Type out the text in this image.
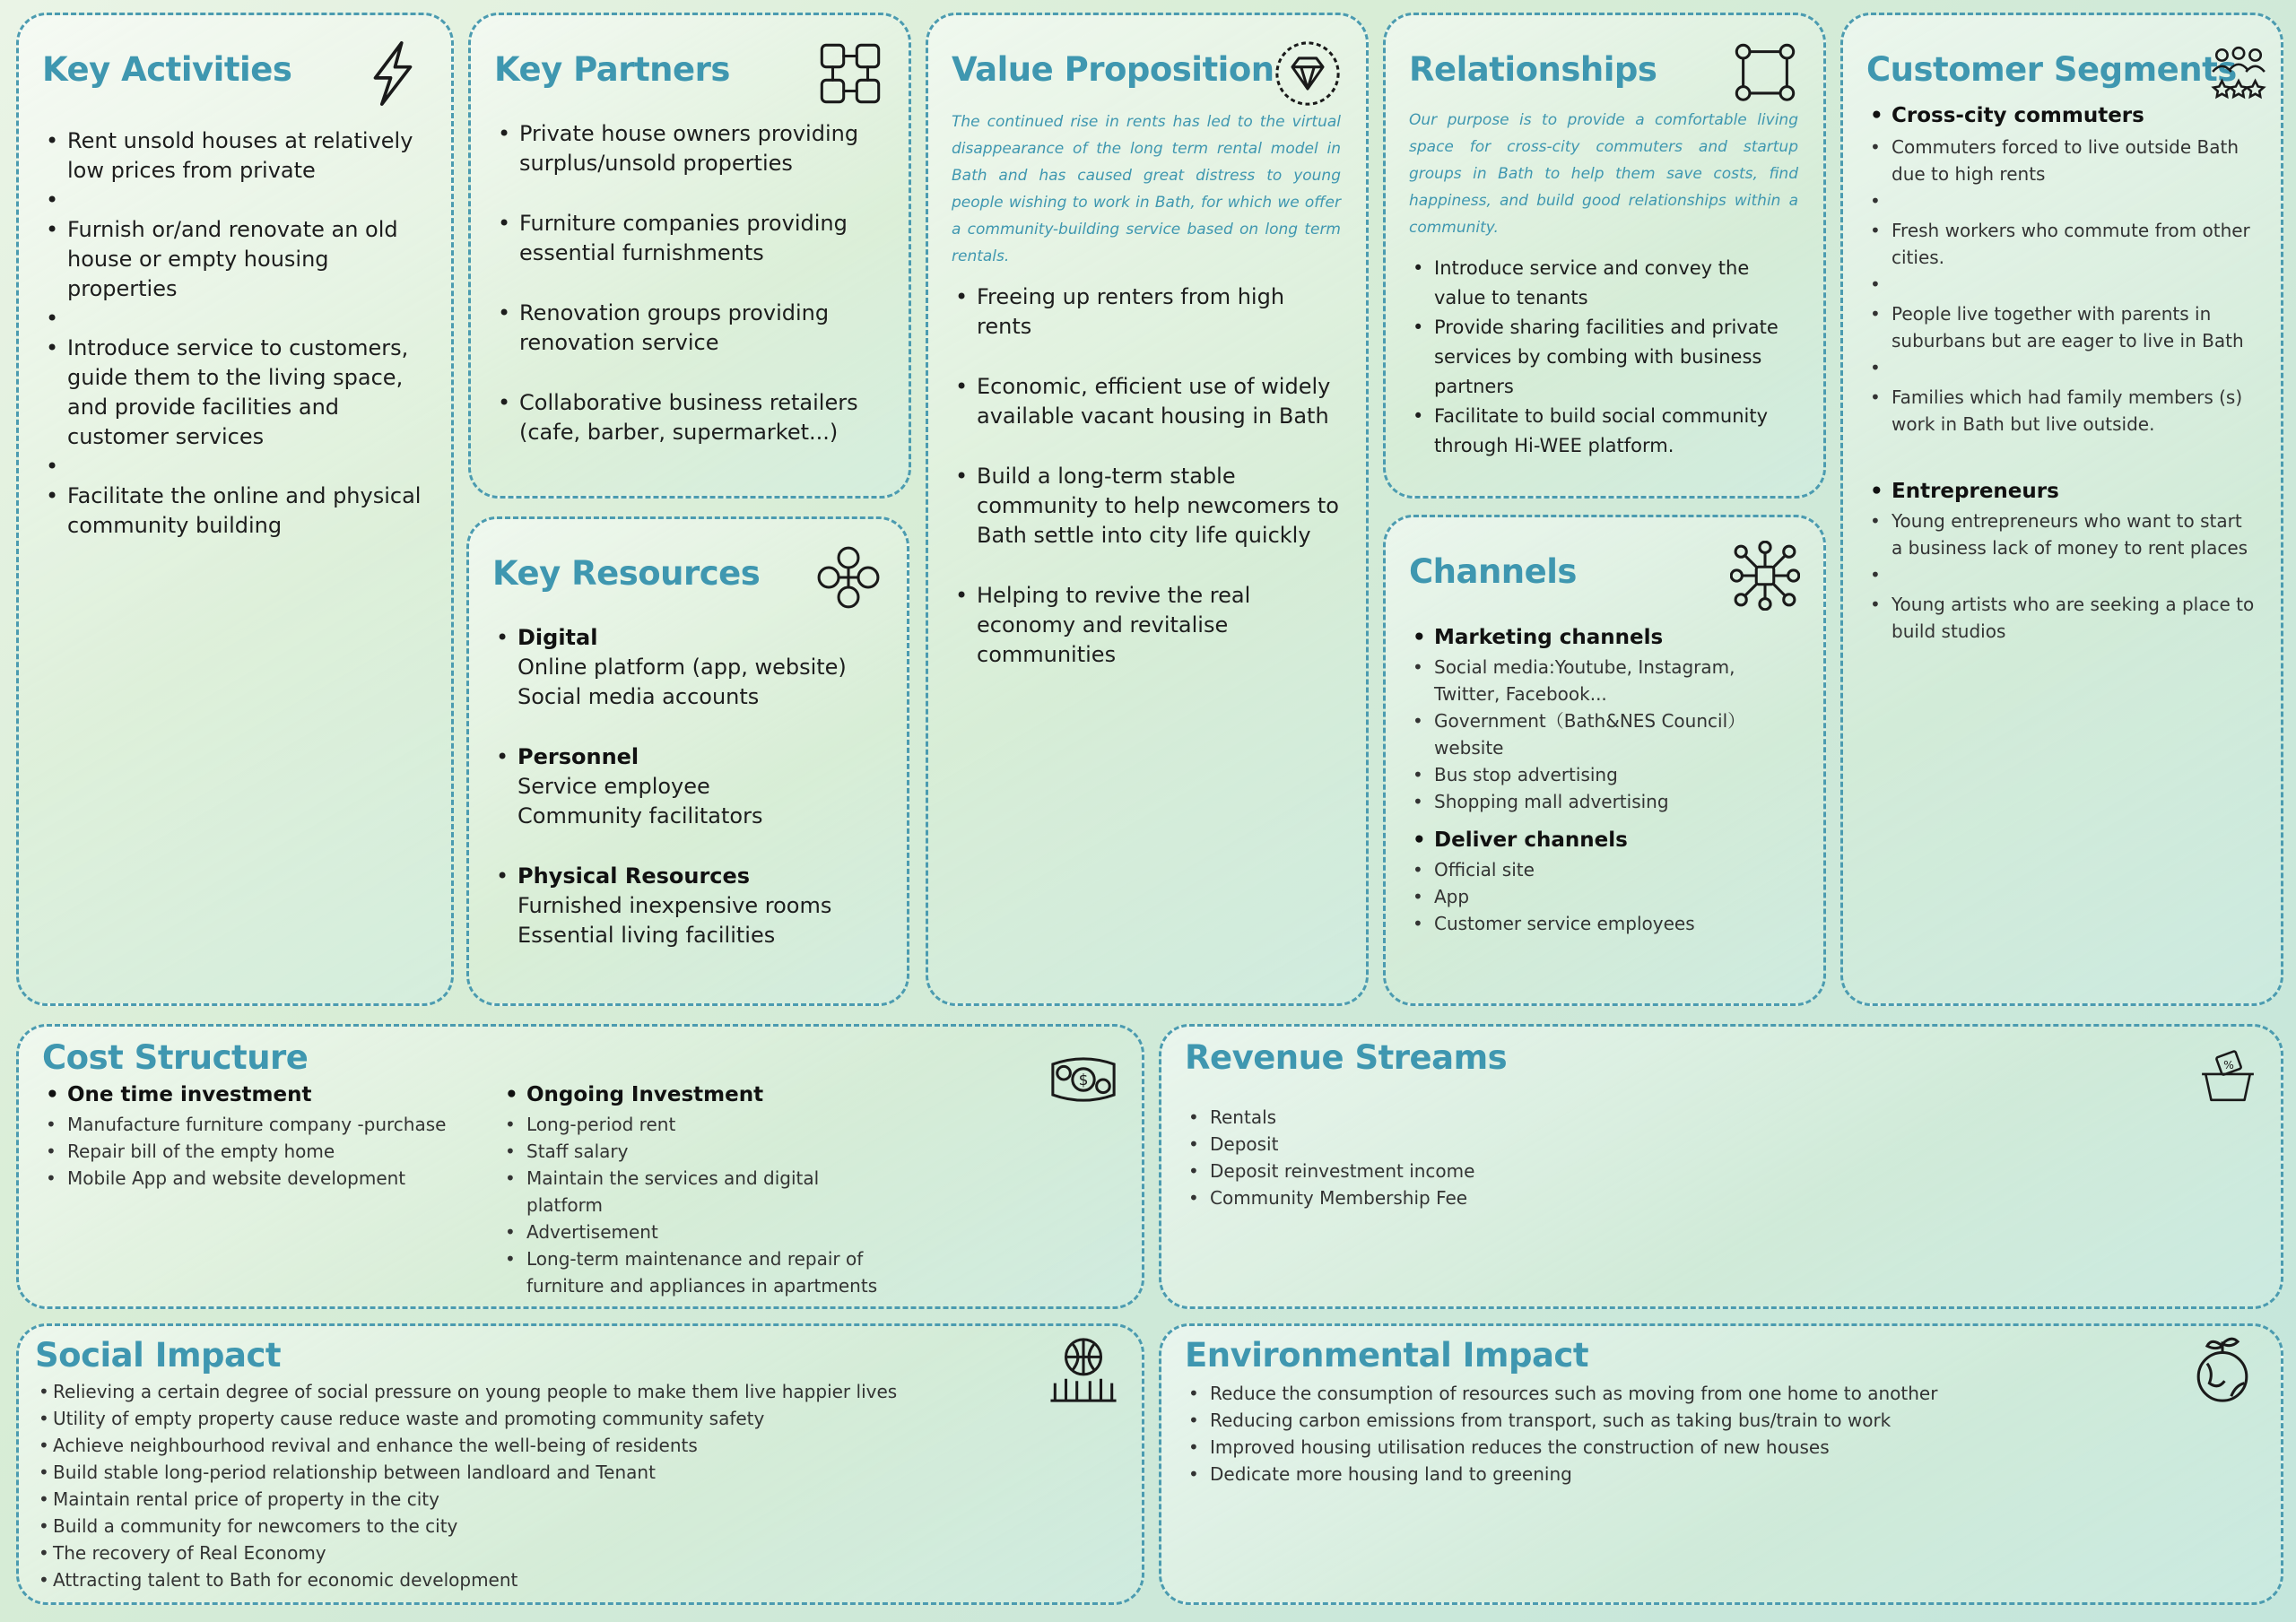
Key Activities
• Rent unsold houses at relatively low prices from private
•
• Furnish or/and renovate an old house or empty housing properties
•
• Introduce service to customers, guide them to the living space, and provide facilities and customer services
•
• Facilitate the online and physical community building
Key Partners
• Private house owners providing surplus/unsold properties
• Furniture companies providing essential furnishments
• Renovation groups providing renovation service
• Collaborative business retailers (cafe, barber, supermarket...)
Key Resources
• Digital
Online platform (app, website)
Social media accounts
• Personnel
Service employee
Community facilitators
• Physical Resources
Furnished inexpensive rooms
Essential living facilities
Value Proposition
The continued rise in rents has led to the virtual disappearance of the long term rental model in Bath and has caused great distress to young people wishing to work in Bath, for which we offer a community-building service based on long term rentals.
• Freeing up renters from high rents
• Economic, efficient use of widely available vacant housing in Bath
• Build a long-term stable community to help newcomers to Bath settle into city life quickly
• Helping to revive the real economy and revitalise communities
Relationships
Our purpose is to provide a comfortable living space for cross-city commuters and startup groups in Bath to help them save costs, find happiness, and build good relationships within a community.
• Introduce service and convey the value to tenants
• Provide sharing facilities and private services by combing with business partners
• Facilitate to build social community through Hi-WEE platform.
Channels
• Marketing channels
• Social media:Youtube, Instagram, Twitter, Facebook...
• Government（Bath&NES Council）website
• Bus stop advertising
• Shopping mall advertising
• Deliver channels
• Official site
• App
• Customer service employees
Customer Segments
• Cross-city commuters
• Commuters forced to live outside Bath due to high rents
•
• Fresh workers who commute from other cities.
•
• People live together with parents in suburbans but are eager to live in Bath
•
• Families which had family members (s) work in Bath but live outside.
• Entrepreneurs
• Young entrepreneurs who want to start a business lack of money to rent places
•
• Young artists who are seeking a place to build studios
Cost Structure
$
• One time investment
• Manufacture furniture company -purchase
• Repair bill of the empty home
• Mobile App and website development
• Ongoing Investment
• Long-period rent
• Staff salary
• Maintain the services and digital platform
• Advertisement
• Long-term maintenance and repair of furniture and appliances in apartments
Revenue Streams	%
• Rentals
• Deposit
• Deposit reinvestment income
• Community Membership Fee
Social Impact
• Relieving a certain degree of social pressure on young people to make them live happier lives
• Utility of empty property cause reduce waste and promoting community safety
• Achieve neighbourhood revival and enhance the well-being of residents
• Build stable long-period relationship between landloard and Tenant
• Maintain rental price of property in the city
• Build a community for newcomers to the city
• The recovery of Real Economy
• Attracting talent to Bath for economic development
Environmental Impact
• Reduce the consumption of resources such as moving from one home to another
• Reducing carbon emissions from transport, such as taking bus/train to work
• Improved housing utilisation reduces the construction of new houses
• Dedicate more housing land to greening
